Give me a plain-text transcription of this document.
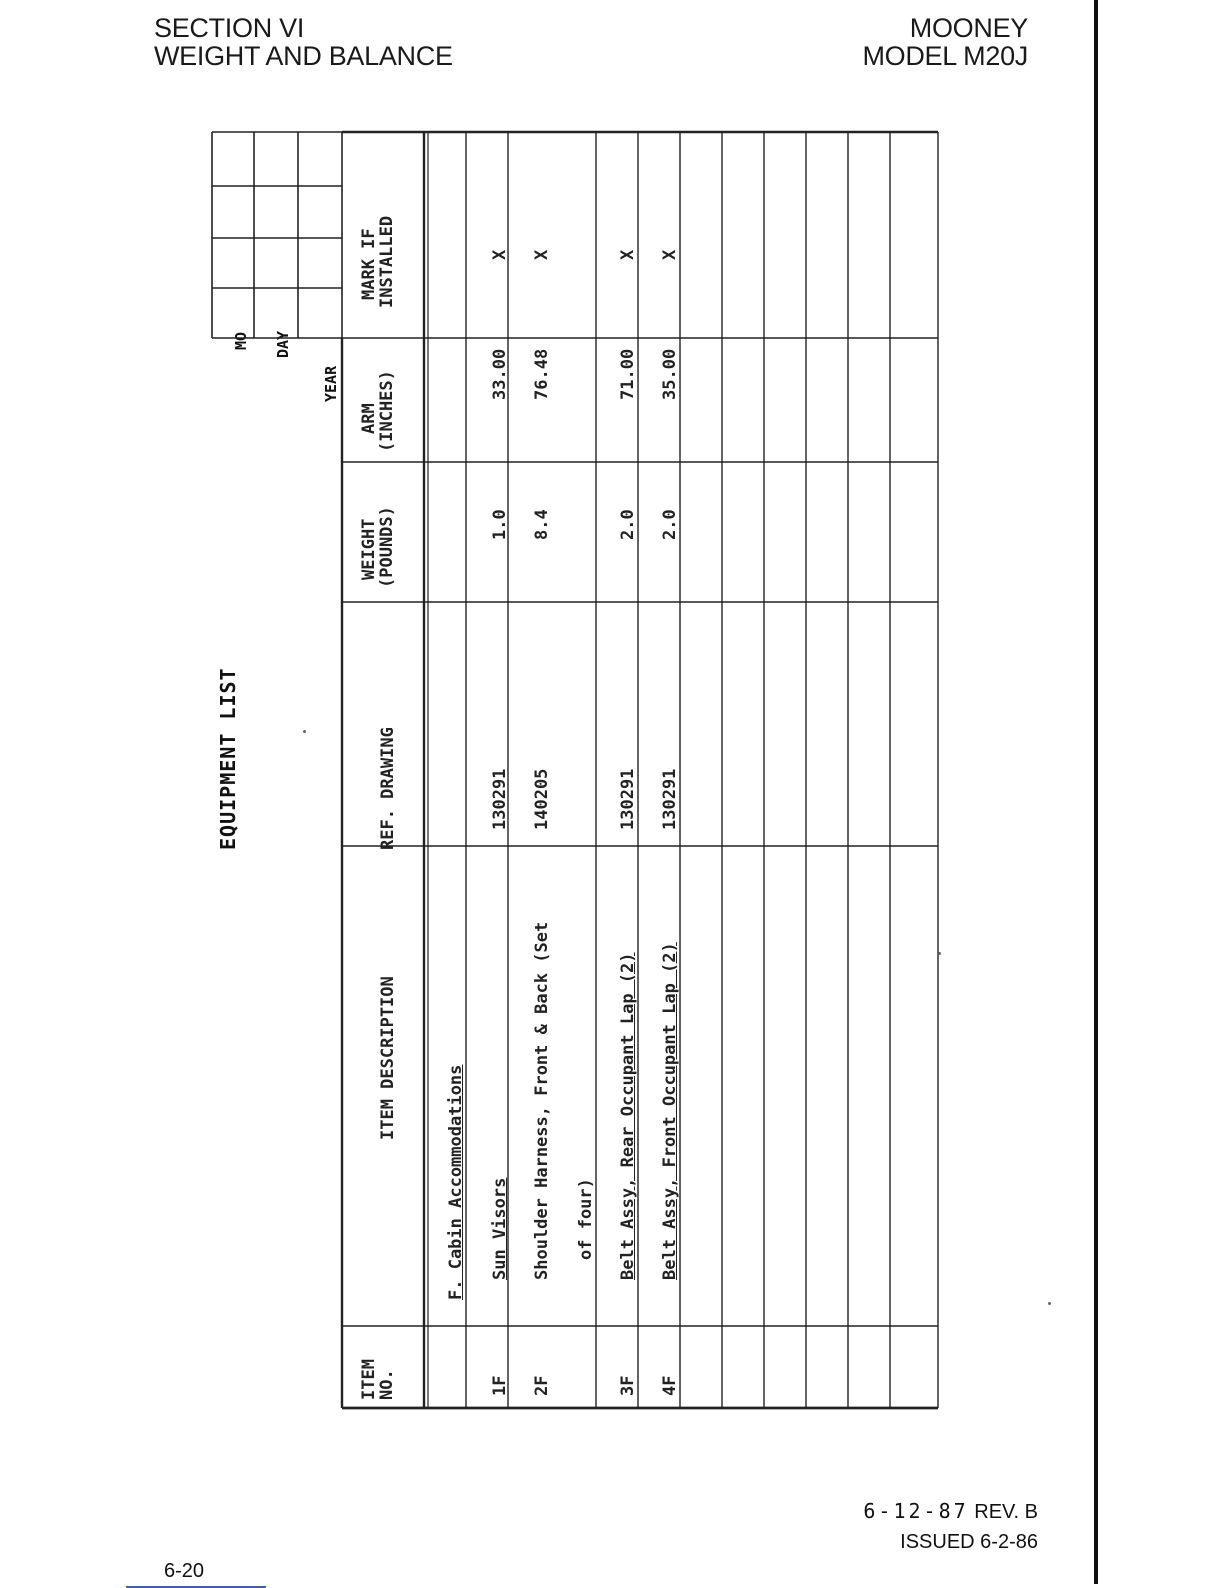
SECTION VI
WEIGHT AND BALANCE
MOONEY
MODEL M20J
EQUIPMENT LIST
MO DAY
YEAR
ITEM
NO.
ITEM DESCRIPTION
REF. DRAWING
WEIGHT
(POUNDS)
ARM
(INCHES)
MARK IF
INSTALLED
F. Cabin Accommodations
1F
Sun Visors
130291
1.0
33.00
X
2F
Shoulder Harness, Front & Back (Set of four)
140205
8.4
76.48
X
3F
Belt Assy, Rear Occupant Lap (2)
130291
2.0
71.00
X
4F
Belt Assy, Front Occupant Lap (2)
130291
2.0
35.00
X
6-20
6-12-87 REV. B
ISSUED 6-2-86
